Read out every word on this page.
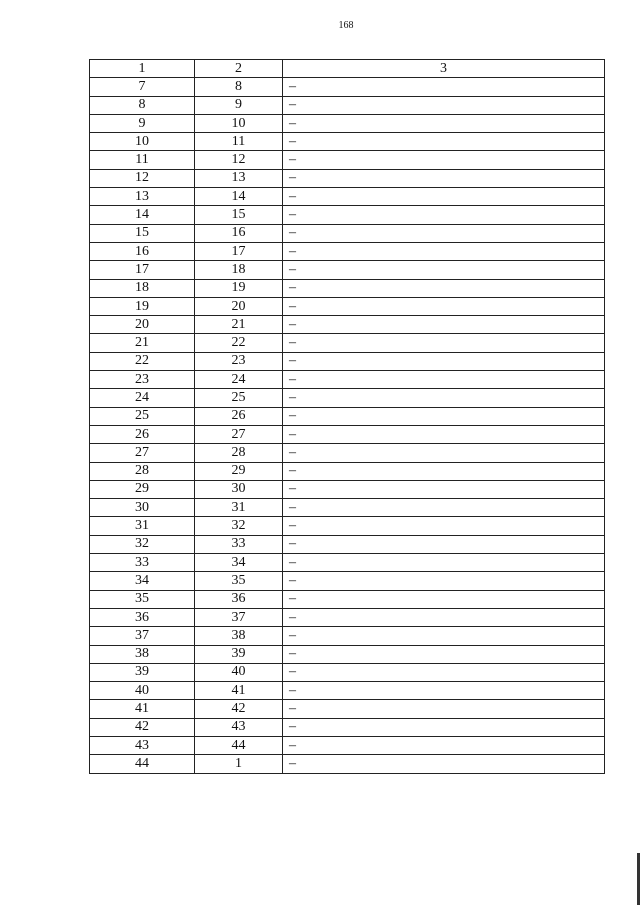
168
1	2	3
7	8	–
8	9	–
9	10	–
10	11	–
11	12	–
12	13	–
13	14	–
14	15	–
15	16	–
16	17	–
17	18	–
18	19	–
19	20	–
20	21	–
21	22	–
22	23	–
23	24	–
24	25	–
25	26	–
26	27	–
27	28	–
28	29	–
29	30	–
30	31	–
31	32	–
32	33	–
33	34	–
34	35	–
35	36	–
36	37	–
37	38	–
38	39	–
39	40	–
40	41	–
41	42	–
42	43	–
43	44	–
44	1	–
